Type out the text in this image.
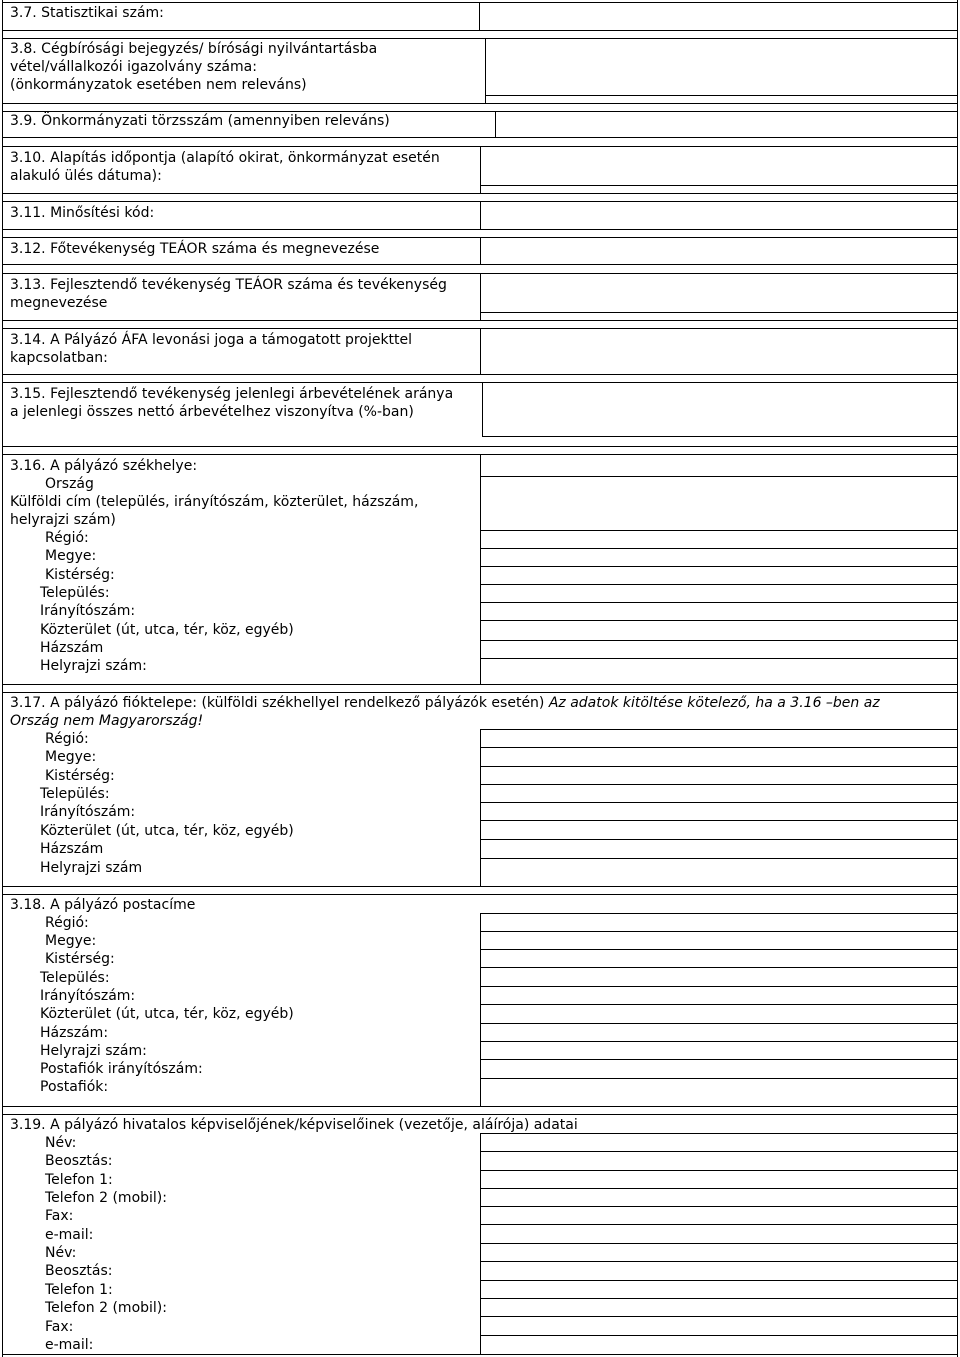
3.7. Statisztikai szám:
3.8. Cégbírósági bejegyzés/ bírósági nyilvántartásba
vétel/vállalkozói igazolvány száma:
(önkormányzatok esetében nem releváns)
3.9. Önkormányzati törzsszám (amennyiben releváns)
3.10. Alapítás időpontja (alapító okirat, önkormányzat esetén
alakuló ülés dátuma):
3.11. Minősítési kód:
3.12. Főtevékenység TEÁOR száma és megnevezése
3.13. Fejlesztendő tevékenység TEÁOR száma és tevékenység
megnevezése
3.14. A Pályázó ÁFA levonási joga a támogatott projekttel
kapcsolatban:
3.15. Fejlesztendő tevékenység jelenlegi árbevételének aránya
a jelenlegi összes nettó árbevételhez viszonyítva (%-ban)
3.16. A pályázó székhelye:
Ország
Külföldi cím (település, irányítószám, közterület, házszám,
helyrajzi szám)
Régió:
Megye:
Kistérség:
Település:
Irányítószám:
Közterület (út, utca, tér, köz, egyéb)
Házszám
Helyrajzi szám:
3.17. A pályázó fióktelepe: (külföldi székhellyel rendelkező pályázók esetén) Az adatok kitöltése kötelező, ha a 3.16 –ben az
Ország nem Magyarország!
Régió:
Megye:
Kistérség:
Település:
Irányítószám:
Közterület (út, utca, tér, köz, egyéb)
Házszám
Helyrajzi szám
3.18. A pályázó postacíme
Régió:
Megye:
Kistérség:
Település:
Irányítószám:
Közterület (út, utca, tér, köz, egyéb)
Házszám:
Helyrajzi szám:
Postafiók irányítószám:
Postafiók:
3.19. A pályázó hivatalos képviselőjének/képviselőinek (vezetője, aláírója) adatai
Név:
Beosztás:
Telefon 1:
Telefon 2 (mobil):
Fax:
e-mail:
Név:
Beosztás:
Telefon 1:
Telefon 2 (mobil):
Fax:
e-mail:
